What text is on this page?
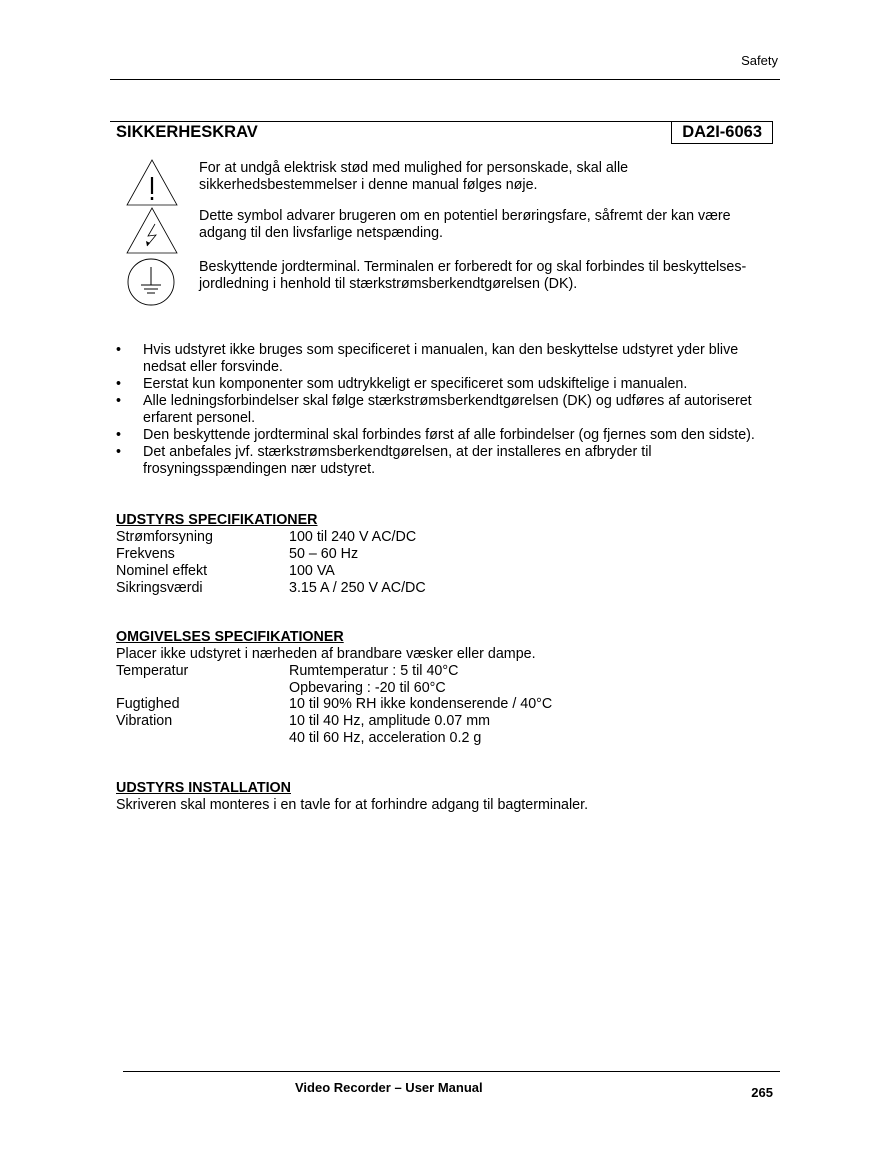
Safety
SIKKERHESKRAV	DA2I-6063
For at undgå elektrisk stød med mulighed for personskade, skal alle sikkerhedsbestemmelser i denne manual følges nøje.
Dette symbol advarer brugeren om en potentiel berøringsfare, såfremt der kan være adgang til den livsfarlige netspænding.
Beskyttende jordterminal. Terminalen er forberedt for og skal forbindes til beskyttelses-jordledning i henhold til stærkstrømsberkendtgørelsen (DK).
• Hvis udstyret ikke bruges som specificeret i manualen, kan den beskyttelse udstyret yder blive nedsat eller forsvinde.
• Eerstat kun komponenter som udtrykkeligt er specificeret som udskiftelige i manualen.
• Alle ledningsforbindelser skal følge stærkstrømsberkendtgørelsen (DK) og udføres af autoriseret erfarent personel.
• Den beskyttende jordterminal skal forbindes først af alle forbindelser (og fjernes som den sidste).
• Det anbefales jvf. stærkstrømsberkendtgørelsen, at der installeres en afbryder til frosyningsspændingen nær udstyret.
UDSTYRS SPECIFIKATIONER
Strømforsyning	100 til 240 V AC/DC
Frekvens	50 – 60 Hz
Nominel effekt	100 VA
Sikringsværdi	3.15 A / 250 V AC/DC
OMGIVELSES SPECIFIKATIONER
Placer ikke udstyret i nærheden af brandbare væsker eller dampe.
Temperatur	Rumtemperatur : 5 til 40°C
Opbevaring : -20 til 60°C
Fugtighed	10 til 90% RH ikke kondenserende / 40°C
Vibration	10 til 40 Hz, amplitude 0.07 mm
40 til 60 Hz, acceleration 0.2 g
UDSTYRS INSTALLATION
Skriveren skal monteres i en tavle for at forhindre adgang til bagterminaler.
Video Recorder – User Manual	265
